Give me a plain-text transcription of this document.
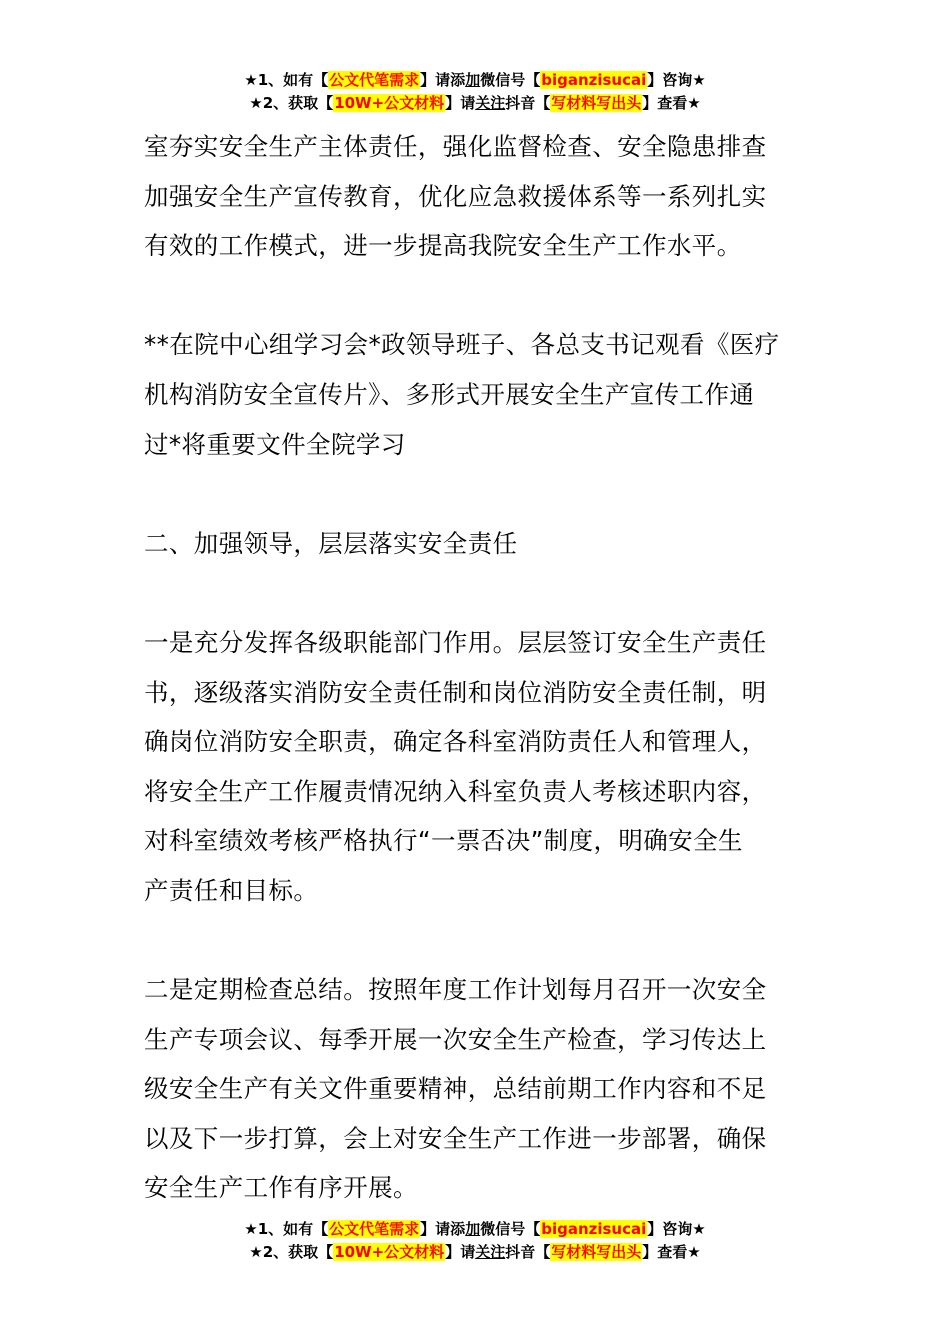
★1、如有【公文代笔需求】请添加微信号【biganzisucai】咨询★
★2、获取【10W+公文材料】请关注抖音【写材料写出头】查看★

室夯实安全生产主体责任，强化监督检查、安全隐患排查

加强安全生产宣传教育，优化应急救援体系等一系列扎实

有效的工作模式，进一步提高我院安全生产工作水平。

**在院中心组学习会*政领导班子、各总支书记观看《医疗

机构消防安全宣传片》、多形式开展安全生产宣传工作通

过*将重要文件全院学习

二、加强领导，层层落实安全责任

一是充分发挥各级职能部门作用。层层签订安全生产责任

书，逐级落实消防安全责任制和岗位消防安全责任制，明

确岗位消防安全职责，确定各科室消防责任人和管理人，

将安全生产工作履责情况纳入科室负责人考核述职内容，

对科室绩效考核严格执行“一票否决”制度，明确安全生

产责任和目标。

二是定期检查总结。按照年度工作计划每月召开一次安全

生产专项会议、每季开展一次安全生产检查，学习传达上

级安全生产有关文件重要精神，总结前期工作内容和不足

以及下一步打算，会上对安全生产工作进一步部署，确保

安全生产工作有序开展。

★1、如有【公文代笔需求】请添加微信号【biganzisucai】咨询★
★2、获取【10W+公文材料】请关注抖音【写材料写出头】查看★
